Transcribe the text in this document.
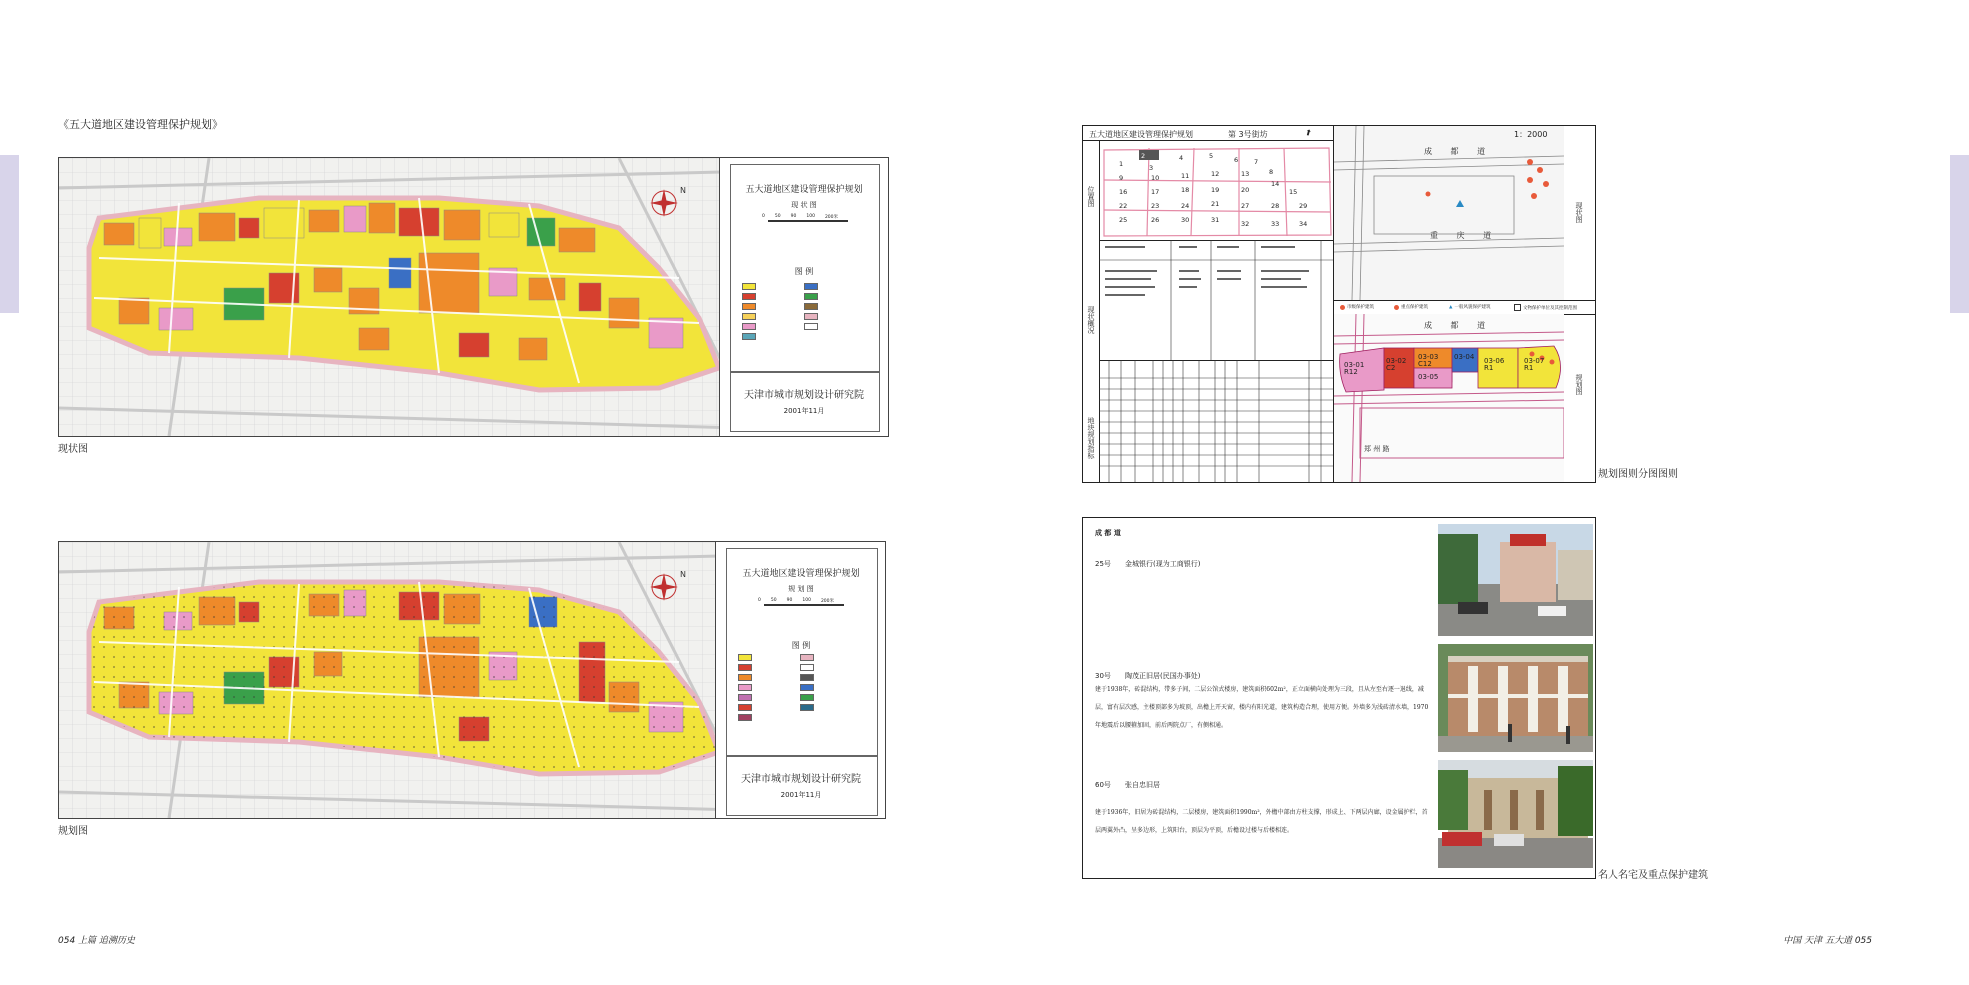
《五大道地区建设管理保护规划》
N	五大道地区建设管理保护规划
现 状 图
0 50 90 100 200米
图 例
天津市城市规划设计研究院
2001年11月
现状图
N	五大道地区建设管理保护规划
规 划 图
0 50 90 100 200米
图 例
天津市城市规划设计研究院
2001年11月
规划图
054 上篇 追溯历史
五大道地区建设管理保护规划	第 3号街坊	⬈
位置图
现状概况
地块规划指标
1
2
3
4	5	6 7
8
9	10	11	12	13
14
15
16	17	18	19	20
21
22	23	24
25	26
27	28	29
30	31	32	33	34
1：2000
成 都 道
重 庆 道
现状图
市级保护建筑	重点保护建筑	▲ 一般风貌保护建筑	文物保护单位及其控制范围
成 都 道
郑 州 路
03-01
R12
03-02
C2
03-03
C12
03-04
03-05
03-06
R1
03-07
R1
规划图
规划图则分图图则
成 都 道
25号 金城银行(现为工商银行)
30号 陶茂正旧居(民国办事处)
建于1938年，砖混结构，带多子间，二层公馆式楼房，建筑面积602m²，正立面横向处理为三段，且从左至右逐一退线，减层，富有层次感，主楼顶部多为坡顶，出檐上开天窗，楼内有阳光道，建筑构造合理，使用方便。外墙多为浅砖清水墙，1970年地震后以腰箍加固，前后两院点厂，有侧相通。
60号 张自忠旧居
建于1936年，旧居为砖混结构，二层楼房，建筑面积1990m²，外檐中部由方柱支撑，形成上、下两层内廊，设金属护栏，首层两翼外凸，呈多边形，上筑阳台，顶层为平顶，后檐设过楼与后楼相连。
名人名宅及重点保护建筑
中国 天津 五大道 055
